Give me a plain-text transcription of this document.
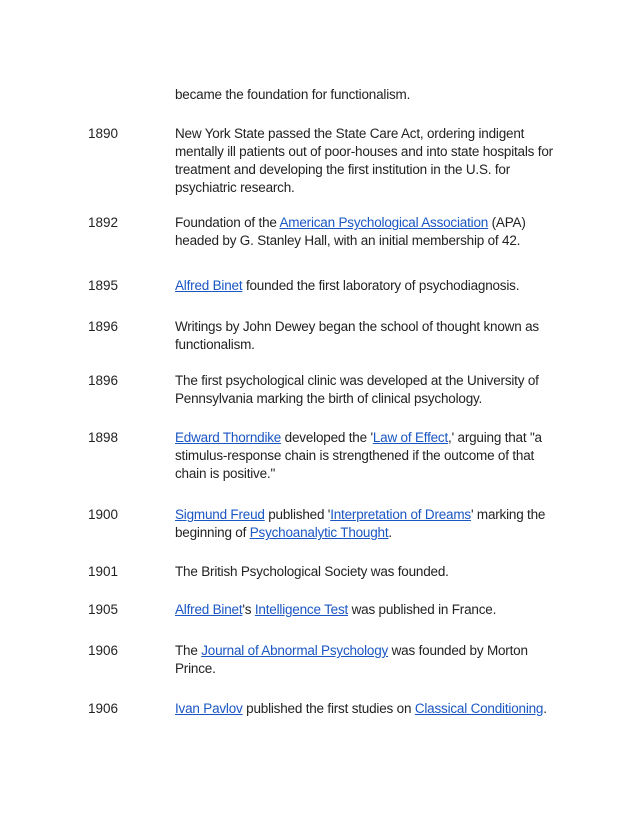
became the foundation for functionalism.
1890	New York State passed the State Care Act, ordering indigent mentally ill patients out of poor-houses and into state hospitals for treatment and developing the first institution in the U.S. for psychiatric research.
1892	Foundation of the American Psychological Association (APA) headed by G. Stanley Hall, with an initial membership of 42.
1895	Alfred Binet founded the first laboratory of psychodiagnosis.
1896	Writings by John Dewey began the school of thought known as functionalism.
1896	The first psychological clinic was developed at the University of Pennsylvania marking the birth of clinical psychology.
1898	Edward Thorndike developed the 'Law of Effect,' arguing that "a stimulus-response chain is strengthened if the outcome of that chain is positive."
1900	Sigmund Freud published 'Interpretation of Dreams' marking the beginning of Psychoanalytic Thought.
1901	The British Psychological Society was founded.
1905	Alfred Binet's Intelligence Test was published in France.
1906	The Journal of Abnormal Psychology was founded by Morton Prince.
1906	Ivan Pavlov published the first studies on Classical Conditioning.
